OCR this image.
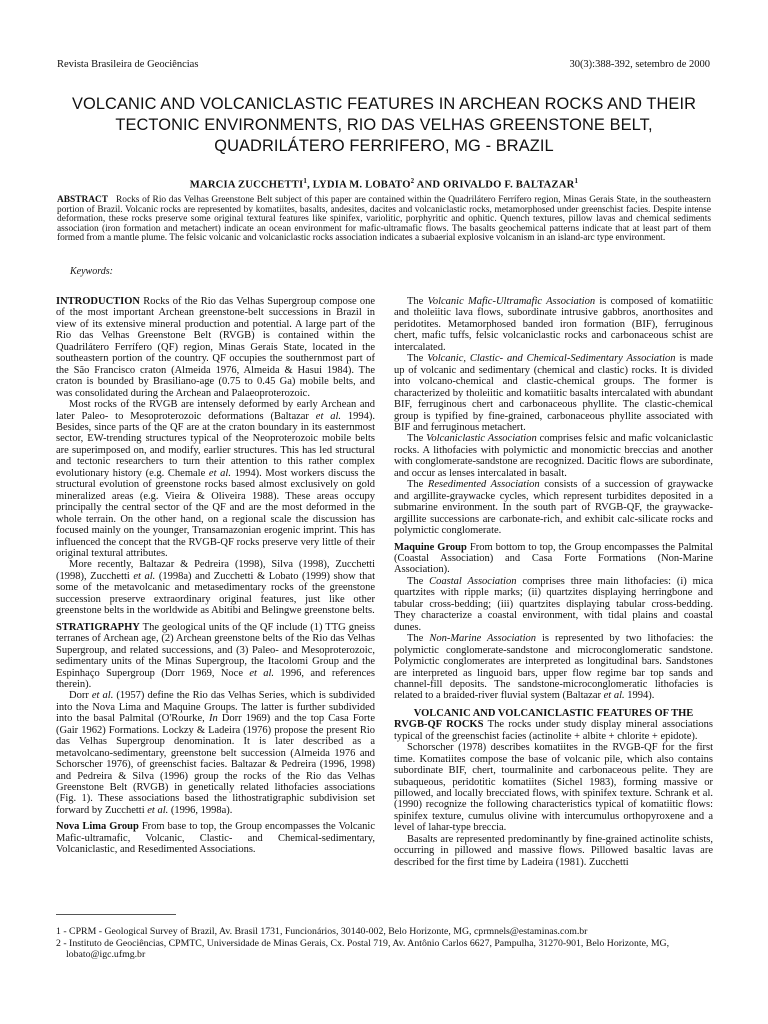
Revista Brasileira de Geociências	30(3):388-392, setembro de 2000
VOLCANIC AND VOLCANICLASTIC FEATURES IN ARCHEAN ROCKS AND THEIR
TECTONIC ENVIRONMENTS, RIO DAS VELHAS GREENSTONE BELT,
QUADRILÁTERO FERRIFERO, MG - BRAZIL
MARCIA ZUCCHETTI$^1$, LYDIA M. LOBATO$^2$ AND ORIVALDO F. BALTAZAR$^1$
ABSTRACT Rocks of Rio das Velhas Greenstone Belt subject of this paper are contained within the Quadrilátero Ferrífero region, Minas Gerais State, in the southeastern portion of Brazil. Volcanic rocks are represented by komatiites, basalts, andesites, dacites and volcaniclastic rocks, metamorphosed under greenschist facies. Despite intense deformation, these rocks preserve some original textural features like spinifex, variolitic, porphyritic and ophitic. Quench textures, pillow lavas and chemical sediments association (iron formation and metachert) indicate an ocean environment for mafic-ultramafic flows. The basalts geochemical patterns indicate that at least part of them formed from a mantle plume. The felsic volcanic and volcaniclastic rocks association indicates a subaerial explosive volcanism in an island-arc type environment.
Keywords:

INTRODUCTION Rocks of the Rio das Velhas Supergroup compose one of the most important Archean greenstone-belt successions in Brazil in view of its extensive mineral production and potential. A large part of the Rio das Velhas Greenstone Belt (RVGB) is contained within the Quadrilátero Ferrífero (QF) region, Minas Gerais State, located in the southeastern portion of the country. QF occupies the southernmost part of the São Francisco craton (Almeida 1976, Almeida & Hasui 1984). The craton is bounded by Brasiliano-age (0.75 to 0.45 Ga) mobile belts, and was consolidated during the Archean and Palaeoproterozoic.

Most rocks of the RVGB are intensely deformed by early Archean and later Paleo- to Mesoproterozoic deformations (Baltazar et al. 1994). Besides, since parts of the QF are at the craton boundary in its easternmost sector, EW-trending structures typical of the Neoproterozoic mobile belts are superimposed on, and modify, earlier structures. This has led structural and tectonic researchers to turn their attention to this rather complex evolutionary history (e.g. Chemale et al. 1994). Most workers discuss the structural evolution of greenstone rocks based almost exclusively on gold mineralized areas (e.g. Vieira & Oliveira 1988). These areas occupy principally the central sector of the QF and are the most deformed in the whole terrain. On the other hand, on a regional scale the discussion has focused mainly on the younger, Transamazonian erogenic imprint. This has influenced the concept that the RVGB-QF rocks preserve very little of their original textural attributes.

More recently, Baltazar & Pedreira (1998), Silva (1998), Zucchetti (1998), Zucchetti et al. (1998a) and Zucchetti & Lobato (1999) show that some of the metavolcanic and metasedimentary rocks of the greenstone succession preserve extraordinary original features, just like other greenstone belts in the worldwide as Abitibi and Belingwe greenstone belts.

STRATIGRAPHY The geological units of the QF include (1) TTG gneiss terranes of Archean age, (2) Archean greenstone belts of the Rio das Velhas Supergroup, and related successions, and (3) Paleo- and Mesoproterozoic, sedimentary units of the Minas Supergroup, the Itacolomi Group and the Espinhaço Supergroup (Dorr 1969, Noce et al. 1996, and references therein).

Dorr et al. (1957) define the Rio das Velhas Series, which is subdivided into the Nova Lima and Maquine Groups. The latter is further subdivided into the basal Palmital (O'Rourke, In Dorr 1969) and the top Casa Forte (Gair 1962) Formations. Lockzy & Ladeira (1976) propose the present Rio das Velhas Supergroup denomination. It is later described as a metavolcano-sedimentary, greenstone belt succession (Almeida 1976 and Schorscher 1976), of greenschist facies. Baltazar & Pedreira (1996, 1998) and Pedreira & Silva (1996) group the rocks of the Rio das Velhas Greenstone Belt (RVGB) in genetically related lithofacies associations (Fig. 1). These associations based the lithostratigraphic subdivision set forward by Zucchetti et al. (1996, 1998a).

Nova Lima Group From base to top, the Group encompasses the Volcanic Mafic-ultramafic, Volcanic, Clastic- and Chemical-sedimentary, Volcaniclastic, and Resedimented Associations.

The Volcanic Mafic-Ultramafic Association is composed of komatiitic and tholeiitic lava flows, subordinate intrusive gabbros, anorthosites and peridotites. Metamorphosed banded iron formation (BIF), ferruginous chert, mafic tuffs, felsic volcaniclastic rocks and carbonaceous schist are intercalated.

The Volcanic, Clastic- and Chemical-Sedimentary Association is made up of volcanic and sedimentary (chemical and clastic) rocks. It is divided into volcano-chemical and clastic-chemical groups. The former is characterized by tholeiitic and komatiitic basalts intercalated with abundant BIF, ferruginous chert and carbonaceous phyllite. The clastic-chemical group is typified by fine-grained, carbonaceous phyllite associated with BIF and ferruginous metachert.

The Volcaniclastic Association comprises felsic and mafic volcaniclastic rocks. A lithofacies with polymictic and monomictic breccias and another with conglomerate-sandstone are recognized. Dacitic flows are subordinate, and occur as lenses intercalated in basalt.

The Resedimented Association consists of a succession of graywacke and argillite-graywacke cycles, which represent turbidites deposited in a submarine environment. In the south part of RVGB-QF, the graywacke-argillite successions are carbonate-rich, and exhibit calc-silicate rocks and polymictic conglomerate.

Maquine Group From bottom to top, the Group encompasses the Palmital (Coastal Association) and Casa Forte Formations (Non-Marine Association).

The Coastal Association comprises three main lithofacies: (i) mica quartzites with ripple marks; (ii) quartzites displaying herringbone and tabular cross-bedding; (iii) quartzites displaying tabular cross-bedding. They characterize a coastal environment, with tidal plains and coastal dunes.

The Non-Marine Association is represented by two lithofacies: the polymictic conglomerate-sandstone and microconglomeratic sandstone. Polymictic conglomerates are interpreted as longitudinal bars. Sandstones are interpreted as linguoid bars, upper flow regime bar top sands and channel-fill deposits. The sandstone-microconglomeratic lithofacies is related to a braided-river fluvial system (Baltazar et al. 1994).

VOLCANIC AND VOLCANICLASTIC FEATURES OF THE

RVGB-QF ROCKS The rocks under study display mineral associations typical of the greenschist facies (actinolite + albite + chlorite + epidote).

Schorscher (1978) describes komatiites in the RVGB-QF for the first time. Komatiites compose the base of volcanic pile, which also contains subordinate BIF, chert, tourmalinite and carbonaceous pelite. They are subaqueous, peridotitic komatiites (Sichel 1983), forming massive or pillowed, and locally brecciated flows, with spinifex texture. Schrank et al. (1990) recognize the following characteristics typical of komatiitic flows: spinifex texture, cumulus olivine with intercumulus orthopyroxene and a level of lahar-type breccia.

Basalts are represented predominantly by fine-grained actinolite schists, occurring in pillowed and massive flows. Pillowed basaltic lavas are described for the first time by Ladeira (1981). Zucchetti

1 - CPRM - Geological Survey of Brazil, Av. Brasil 1731, Funcionários, 30140-002, Belo Horizonte, MG, cprmnels@estaminas.com.br

2 - Instituto de Geociências, CPMTC, Universidade de Minas Gerais, Cx. Postal 719, Av. Antônio Carlos 6627, Pampulha, 31270-901, Belo Horizonte, MG,

lobato@igc.ufmg.br
